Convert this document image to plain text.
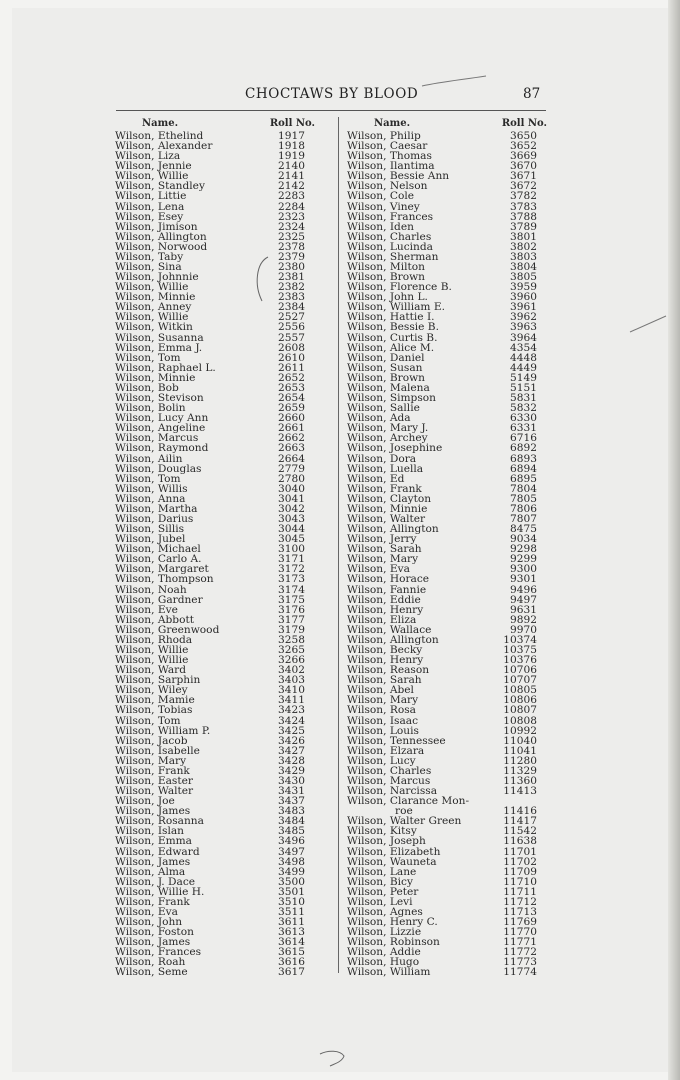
CHOCTAWS BY BLOOD	87
Name.	Roll No.
Wilson, Ethelind	1917
Wilson, Alexander	1918
Wilson, Liza	1919
Wilson, Jennie	2140
Wilson, Willie	2141
Wilson, Standley	2142
Wilson, Littie	2283
Wilson, Lena	2284
Wilson, Esey	2323
Wilson, Jimison	2324
Wilson, Allington	2325
Wilson, Norwood	2378
Wilson, Taby	2379
Wilson, Sina	2380
Wilson, Johnnie	2381
Wilson, Willie	2382
Wilson, Minnie	2383
Wilson, Anney	2384
Wilson, Willie	2527
Wilson, Witkin	2556
Wilson, Susanna	2557
Wilson, Emma J.	2608
Wilson, Tom	2610
Wilson, Raphael L.	2611
Wilson, Minnie	2652
Wilson, Bob	2653
Wilson, Stevison	2654
Wilson, Bolin	2659
Wilson, Lucy Ann	2660
Wilson, Angeline	2661
Wilson, Marcus	2662
Wilson, Raymond	2663
Wilson, Ailin	2664
Wilson, Douglas	2779
Wilson, Tom	2780
Wilson, Willis	3040
Wilson, Anna	3041
Wilson, Martha	3042
Wilson, Darius	3043
Wilson, Sillis	3044
Wilson, Jubel	3045
Wilson, Michael	3100
Wilson, Carlo A.	3171
Wilson, Margaret	3172
Wilson, Thompson	3173
Wilson, Noah	3174
Wilson, Gardner	3175
Wilson, Eve	3176
Wilson, Abbott	3177
Wilson, Greenwood	3179
Wilson, Rhoda	3258
Wilson, Willie	3265
Wilson, Willie	3266
Wilson, Ward	3402
Wilson, Sarphin	3403
Wilson, Wiley	3410
Wilson, Mamie	3411
Wilson, Tobias	3423
Wilson, Tom	3424
Wilson, William P.	3425
Wilson, Jacob	3426
Wilson, Isabelle	3427
Wilson, Mary	3428
Wilson, Frank	3429
Wilson, Easter	3430
Wilson, Walter	3431
Wilson, Joe	3437
Wilson, James	3483
Wilson, Rosanna	3484
Wilson, Islan	3485
Wilson, Emma	3496
Wilson, Edward	3497
Wilson, James	3498
Wilson, Alma	3499
Wilson, J. Dace	3500
Wilson, Willie H.	3501
Wilson, Frank	3510
Wilson, Eva	3511
Wilson, John	3611
Wilson, Foston	3613
Wilson, James	3614
Wilson, Frances	3615
Wilson, Roah	3616
Wilson, Seme	3617
Name.	Roll No.
Wilson, Philip	3650
Wilson, Caesar	3652
Wilson, Thomas	3669
Wilson, Ilantima	3670
Wilson, Bessie Ann	3671
Wilson, Nelson	3672
Wilson, Cole	3782
Wilson, Viney	3783
Wilson, Frances	3788
Wilson, Iden	3789
Wilson, Charles	3801
Wilson, Lucinda	3802
Wilson, Sherman	3803
Wilson, Milton	3804
Wilson, Brown	3805
Wilson, Florence B.	3959
Wilson, John L.	3960
Wilson, William E.	3961
Wilson, Hattie I.	3962
Wilson, Bessie B.	3963
Wilson, Curtis B.	3964
Wilson, Alice M.	4354
Wilson, Daniel	4448
Wilson, Susan	4449
Wilson, Brown	5149
Wilson, Malena	5151
Wilson, Simpson	5831
Wilson, Sallie	5832
Wilson, Ada	6330
Wilson, Mary J.	6331
Wilson, Archey	6716
Wilson, Josephine	6892
Wilson, Dora	6893
Wilson, Luella	6894
Wilson, Ed	6895
Wilson, Frank	7804
Wilson, Clayton	7805
Wilson, Minnie	7806
Wilson, Walter	7807
Wilson, Allington	8475
Wilson, Jerry	9034
Wilson, Sarah	9298
Wilson, Mary	9299
Wilson, Eva	9300
Wilson, Horace	9301
Wilson, Fannie	9496
Wilson, Eddie	9497
Wilson, Henry	9631
Wilson, Eliza	9892
Wilson, Wallace	9970
Wilson, Allington	10374
Wilson, Becky	10375
Wilson, Henry	10376
Wilson, Reason	10706
Wilson, Sarah	10707
Wilson, Abel	10805
Wilson, Mary	10806
Wilson, Rosa	10807
Wilson, Isaac	10808
Wilson, Louis	10992
Wilson, Tennessee	11040
Wilson, Elzara	11041
Wilson, Lucy	11280
Wilson, Charles	11329
Wilson, Marcus	11360
Wilson, Narcissa	11413
Wilson, Clarance Mon-
roe	11416
Wilson, Walter Green	11417
Wilson, Kitsy	11542
Wilson, Joseph	11638
Wilson, Elizabeth	11701
Wilson, Wauneta	11702
Wilson, Lane	11709
Wilson, Bicy	11710
Wilson, Peter	11711
Wilson, Levi	11712
Wilson, Agnes	11713
Wilson, Henry C.	11769
Wilson, Lizzie	11770
Wilson, Robinson	11771
Wilson, Addie	11772
Wilson, Hugo	11773
Wilson, William	11774
